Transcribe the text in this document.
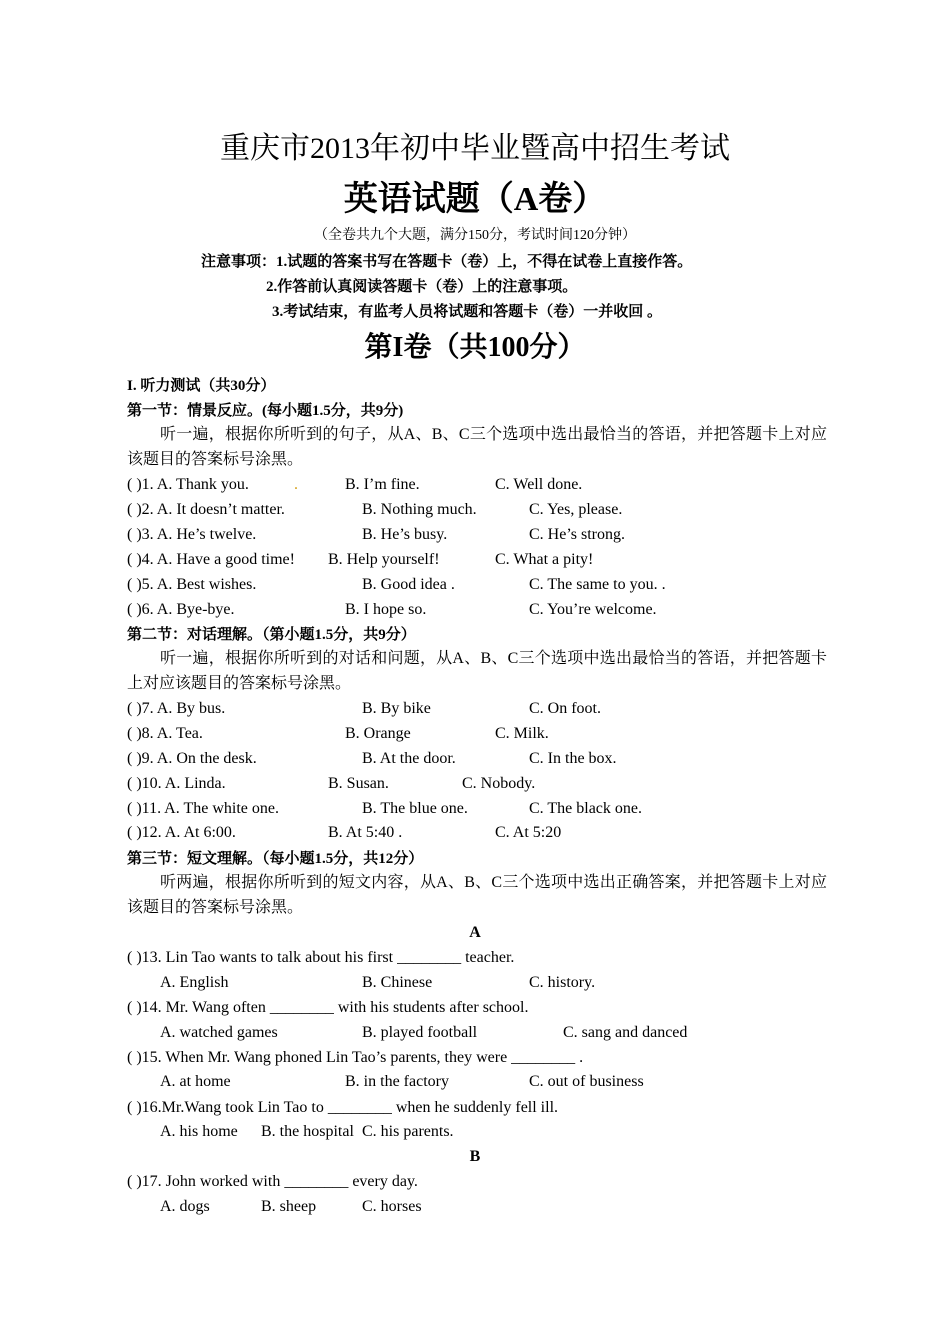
重庆市2013年初中毕业暨高中招生考试
英语试题（A卷）
（全卷共九个大题，满分150分，考试时间120分钟）
注意事项：1.试题的答案书写在答题卡（卷）上，不得在试卷上直接作答。
2.作答前认真阅读答题卡（卷）上的注意事项。
3.考试结束，有监考人员将试题和答题卡（卷）一并收回 。
第I卷（共100分）
I. 听力测试（共30分）
第一节：情景反应。(每小题1.5分，共9分)
听一遍，根据你所听到的句子，从A、B、C三个选项中选出最恰当的答语，并把答题卡上对应该题目的答案标号涂黑。
( )1. A. Thank you.	.	B. I’m fine.	C. Well done.
( )2. A. It doesn’t matter.	B. Nothing much.	C. Yes, please.
( )3. A. He’s twelve.	B. He’s busy.	C. He’s strong.
( )4. A. Have a good time! B. Help yourself!	C. What a pity!
( )5. A. Best wishes.	B. Good idea .	C. The same to you. .
( )6. A. Bye-bye.	B. I hope so.	C. You’re welcome.
第二节：对话理解。（第小题1.5分，共9分）
听一遍，根据你所听到的对话和问题，从A、B、C三个选项中选出最恰当的答语，并把答题卡上对应该题目的答案标号涂黑。
( )7. A. By bus.	B. By bike	C. On foot.
( )8. A. Tea.	B. Orange	C. Milk.
( )9. A. On the desk.	B. At the door.	C. In the box.
( )10. A. Linda.	B. Susan.	C. Nobody.
( )11. A. The white one.	B. The blue one.	C. The black one.
( )12. A. At 6:00.	B. At 5:40 .	C. At 5:20
第三节：短文理解。（每小题1.5分，共12分）
听两遍，根据你所听到的短文内容，从A、B、C三个选项中选出正确答案，并把答题卡上对应该题目的答案标号涂黑。
A
( )13. Lin Tao wants to talk about his first ________ teacher.
A. English	B. Chinese	C. history.
( )14. Mr. Wang often ________ with his students after school.
A. watched games	B. played football	C. sang and danced
( )15. When Mr. Wang phoned Lin Tao’s parents, they were ________ .
A. at home	B. in the factory	C. out of business
( )16.Mr.Wang took Lin Tao to ________ when he suddenly fell ill.
A. his home B. the hospital C. his parents.
B
( )17. John worked with ________ every day.
A. dogs	B. sheep	C. horses
